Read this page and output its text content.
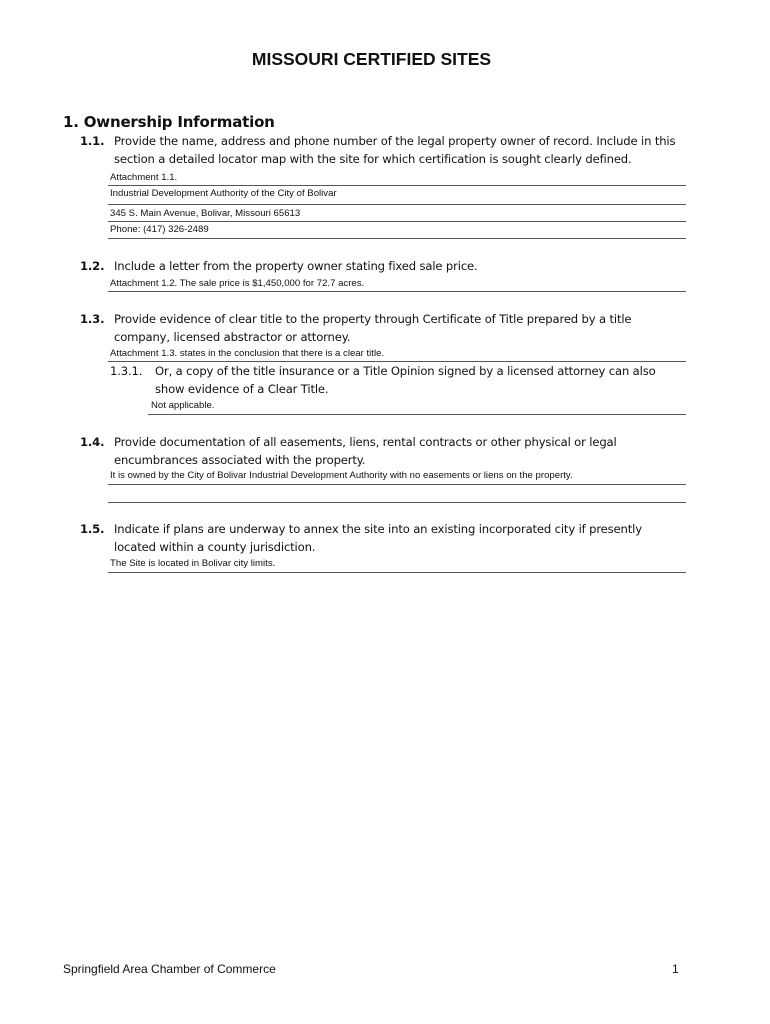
MISSOURI CERTIFIED SITES
1. Ownership Information
1.1. Provide the name, address and phone number of the legal property owner of record. Include in this
section a detailed locator map with the site for which certification is sought clearly defined.
Attachment 1.1.
Industrial Development Authority of the City of Bolivar
345 S. Main Avenue, Bolivar, Missouri 65613
Phone: (417) 326-2489
1.2. Include a letter from the property owner stating fixed sale price.
Attachment 1.2. The sale price is $1,450,000 for 72.7 acres.
1.3. Provide evidence of clear title to the property through Certificate of Title prepared by a title
company, licensed abstractor or attorney.
Attachment 1.3. states in the conclusion that there is a clear title.
1.3.1. Or, a copy of the title insurance or a Title Opinion signed by a licensed attorney can also
show evidence of a Clear Title.
Not applicable.
1.4. Provide documentation of all easements, liens, rental contracts or other physical or legal
encumbrances associated with the property.
It is owned by the City of Bolivar Industrial Development Authority with no easements or liens on the property.
1.5. Indicate if plans are underway to annex the site into an existing incorporated city if presently
located within a county jurisdiction.
The Site is located in Bolivar city limits.
Springfield Area Chamber of Commerce	1
